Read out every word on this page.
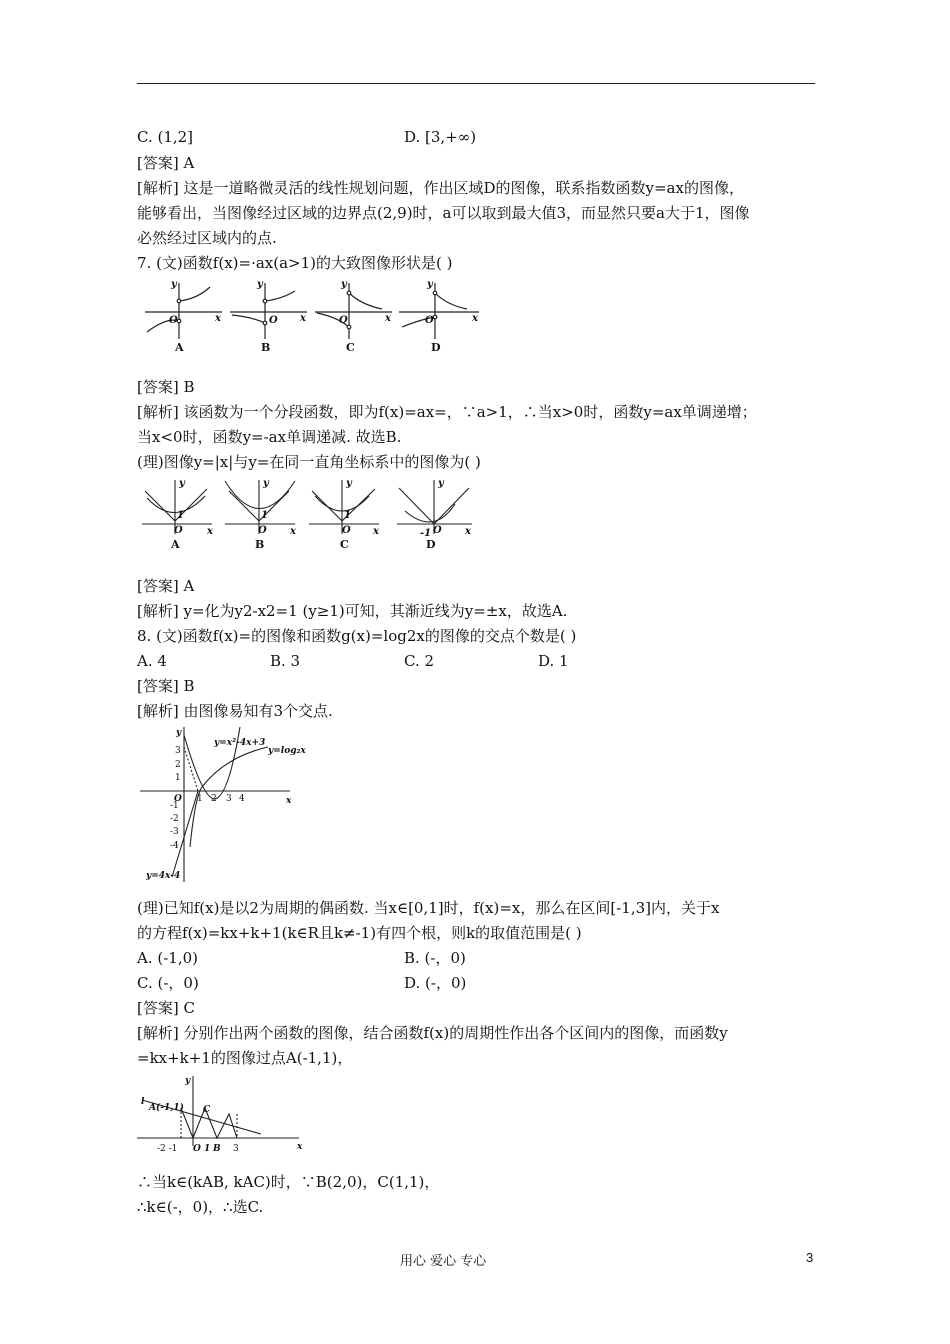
C. (1,2]	D. [3,+∞)
[答案] A
[解析] 这是一道略微灵活的线性规划问题，作出区域D的图像，联系指数函数y=ax的图像，
能够看出，当图像经过区域的边界点(2,9)时，a可以取到最大值3，而显然只要a大于1，图像
必然经过区域内的点.
7. (文)函数f(x)=·ax(a>1)的大致图像形状是( )
y	y	y	y
x	x	x	x
O	O	O	O
A	B	C	D
[答案] B
[解析] 该函数为一个分段函数，即为f(x)=ax=，∵a>1，∴当x>0时，函数y=ax单调递增；
当x<0时，函数y=-ax单调递减. 故选B.
(理)图像y=|x|与y=在同一直角坐标系中的图像为( )
y	y	y	y
x	x	x	x
O	O	O	O
1	1	1
-1
A	B	C	D
[答案] A
[解析] y=化为y2-x2=1 (y≥1)可知，其渐近线为y=±x，故选A.
8. (文)函数f(x)=的图像和函数g(x)=log2x的图像的交点个数是( )
A. 4	B. 3	C. 2	D. 1
[答案] B
[解析] 由图像易知有3个交点.
y
x
O
y=x²-4x+3
y=log₂x
y=4x-4
3
2
1
-1
-2
-3
-4
1 2 3 4
(理)已知f(x)是以2为周期的偶函数. 当x∈[0,1]时，f(x)=x，那么在区间[-1,3]内，关于x
的方程f(x)=kx+k+1(k∈R且k≠-1)有四个根，则k的取值范围是( )
A. (-1,0)	B. (-，0)
C. (-，0)	D. (-，0)
[答案] C
[解析] 分别作出两个函数的图像，结合函数f(x)的周期性作出各个区间内的图像，而函数y
=kx+k+1的图像过点A(-1,1)，
y
x
l
A(-1,1) C
O 1 B 3
-2 -1
∴当k∈(kAB, kAC)时，∵B(2,0)，C(1,1)，
∴k∈(-，0)，∴选C.
用心 爱心 专心	3
